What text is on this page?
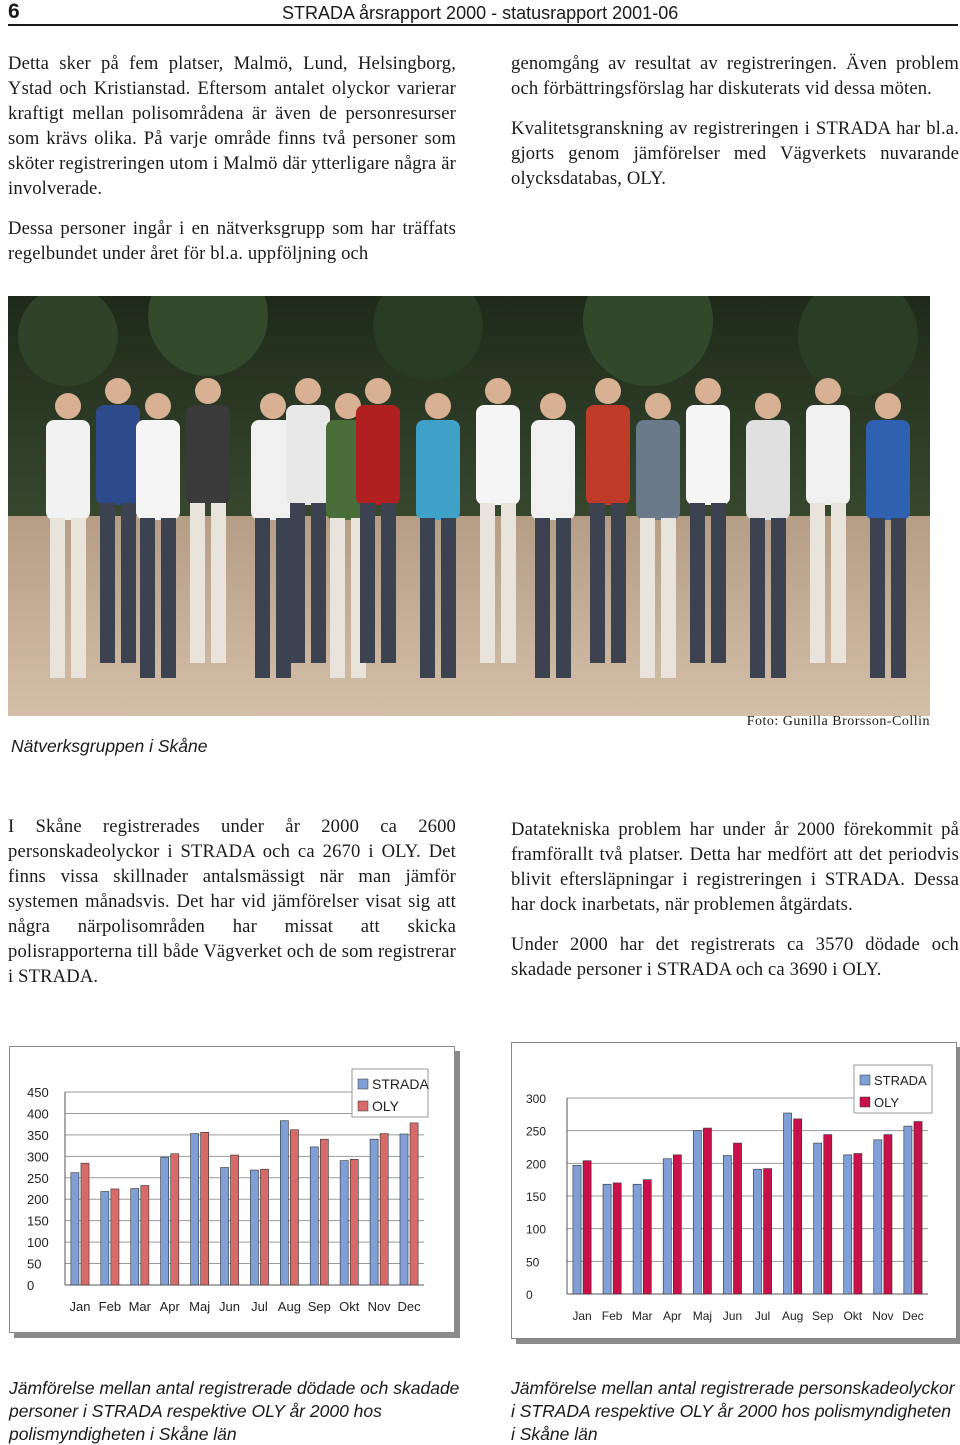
6	STRADA årsrapport 2000 - statusrapport 2001-06

Detta sker på fem platser, Malmö, Lund, Helsingborg, Ystad och Kristianstad. Eftersom antalet olyckor varierar kraftigt mellan polisområdena är även de personresurser som krävs olika. På varje område finns två personer som sköter registreringen utom i Malmö där ytterligare några är involverade.

Dessa personer ingår i en nätverksgrupp som har träffats regelbundet under året för bl.a. uppföljning och

genomgång av resultat av registreringen. Även problem och förbättringsförslag har diskuterats vid dessa möten.

Kvalitetsgranskning av registreringen i STRADA har bl.a. gjorts genom jämförelser med Vägverkets nuvarande olycksdatabas, OLY.

Foto: Gunilla Brorsson-Collin
Nätverksgruppen i Skåne

I Skåne registrerades under år 2000 ca 2600 personskadeolyckor i STRADA och ca 2670 i OLY. Det finns vissa skillnader antalsmässigt när man jämför systemen månadsvis. Det har vid jämförelser visat sig att några närpolisområden har missat att skicka polisrapporterna till både Vägverket och de som registrerar i STRADA.

Datatekniska problem har under år 2000 förekommit på framförallt två platser. Detta har medfört att det periodvis blivit eftersläpningar i registreringen i STRADA. Dessa har dock inarbetats, när problemen åtgärdats.

Under 2000 har det registrerats ca 3570 dödade och skadade personer i STRADA och ca 3690 i OLY.

0
50
100
150
200
250
300
350
400
450
Jan Feb Mar Apr Maj Jun Jul Aug Sep Okt Nov Dec
STRADA
OLY
0
50
100
150
200
250
300
Jan Feb Mar Apr Maj Jun Jul Aug Sep Okt Nov Dec
STRADA
OLY
Jämförelse mellan antal registrerade dödade och skadade personer i STRADA respektive OLY år 2000 hos polismyndigheten i Skåne län
Jämförelse mellan antal registrerade personskadeolyckor i STRADA respektive OLY år 2000 hos polismyndigheten i Skåne län
